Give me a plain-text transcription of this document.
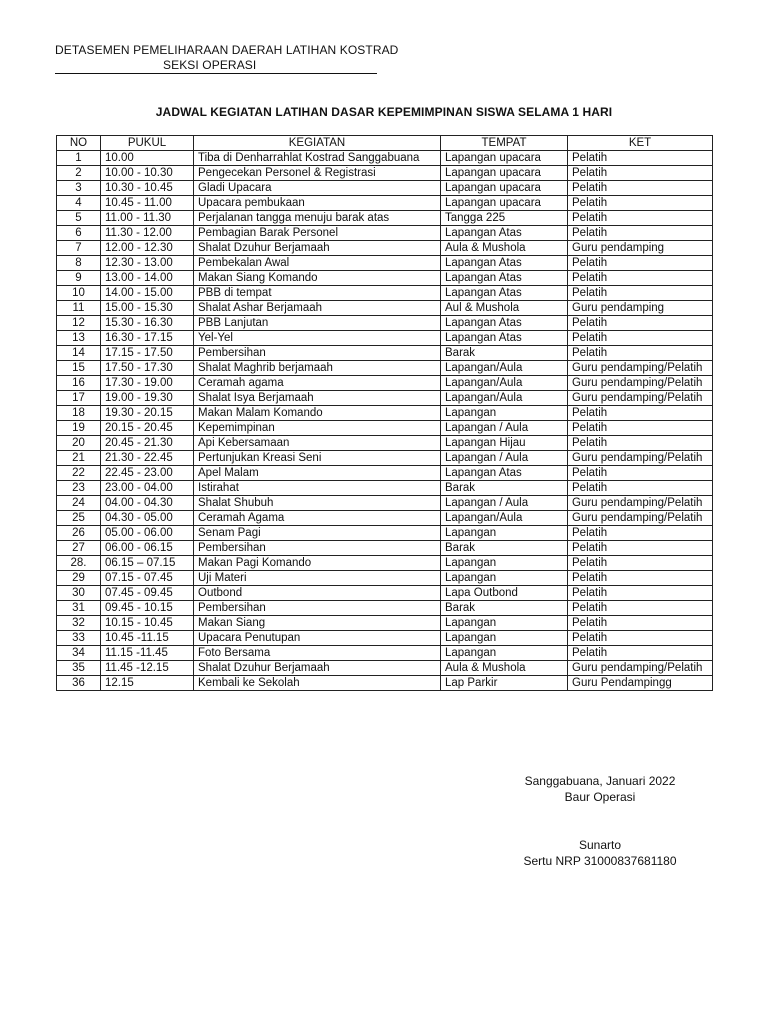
DETASEMEN PEMELIHARAAN DAERAH LATIHAN KOSTRAD
SEKSI OPERASI
JADWAL KEGIATAN LATIHAN DASAR KEPEMIMPINAN SISWA SELAMA 1 HARI
NO	PUKUL	KEGIATAN	TEMPAT	KET
1	10.00	Tiba di Denharrahlat Kostrad Sanggabuana	Lapangan upacara	Pelatih
2	10.00 - 10.30	Pengecekan Personel & Registrasi	Lapangan upacara	Pelatih
3	10.30 - 10.45	Gladi Upacara	Lapangan upacara	Pelatih
4	10.45 - 11.00	Upacara pembukaan	Lapangan upacara	Pelatih
5	11.00 - 11.30	Perjalanan tangga menuju barak atas	Tangga 225	Pelatih
6	11.30 - 12.00	Pembagian Barak Personel	Lapangan Atas	Pelatih
7	12.00 - 12.30	Shalat Dzuhur Berjamaah	Aula & Mushola	Guru pendamping
8	12.30 - 13.00	Pembekalan Awal	Lapangan Atas	Pelatih
9	13.00 - 14.00	Makan Siang Komando	Lapangan Atas	Pelatih
10	14.00 - 15.00	PBB di tempat	Lapangan Atas	Pelatih
11	15.00 - 15.30	Shalat Ashar Berjamaah	Aul & Mushola	Guru pendamping
12	15.30 - 16.30	PBB Lanjutan	Lapangan Atas	Pelatih
13	16.30 - 17.15	Yel-Yel	Lapangan Atas	Pelatih
14	17.15 - 17.50	Pembersihan	Barak	Pelatih
15	17.50 - 17.30	Shalat Maghrib berjamaah	Lapangan/Aula	Guru pendamping/Pelatih
16	17.30 - 19.00	Ceramah agama	Lapangan/Aula	Guru pendamping/Pelatih
17	19.00 - 19.30	Shalat Isya Berjamaah	Lapangan/Aula	Guru pendamping/Pelatih
18	19.30 - 20.15	Makan Malam Komando	Lapangan	Pelatih
19	20.15 - 20.45	Kepemimpinan	Lapangan / Aula	Pelatih
20	20.45 - 21.30	Api Kebersamaan	Lapangan Hijau	Pelatih
21	21.30 - 22.45	Pertunjukan Kreasi Seni	Lapangan / Aula	Guru pendamping/Pelatih
22	22.45 - 23.00	Apel Malam	Lapangan Atas	Pelatih
23	23.00 - 04.00	Istirahat	Barak	Pelatih
24	04.00 - 04.30	Shalat Shubuh	Lapangan / Aula	Guru pendamping/Pelatih
25	04.30 - 05.00	Ceramah Agama	Lapangan/Aula	Guru pendamping/Pelatih
26	05.00 - 06.00	Senam Pagi	Lapangan	Pelatih
27	06.00 - 06.15	Pembersihan	Barak	Pelatih
28.	06.15 – 07.15	Makan Pagi Komando	Lapangan	Pelatih
29	07.15 - 07.45	Uji Materi	Lapangan	Pelatih
30	07.45 - 09.45	Outbond	Lapa Outbond	Pelatih
31	09.45 - 10.15	Pembersihan	Barak	Pelatih
32	10.15 - 10.45	Makan Siang	Lapangan	Pelatih
33	10.45 -11.15	Upacara Penutupan	Lapangan	Pelatih
34	11.15 -11.45	Foto Bersama	Lapangan	Pelatih
35	11.45 -12.15	Shalat Dzuhur Berjamaah	Aula & Mushola	Guru pendamping/Pelatih
36	12.15	Kembali ke Sekolah	Lap Parkir	Guru Pendampingg
Sanggabuana, Januari 2022
Baur Operasi
Sunarto
Sertu NRP 31000837681180
